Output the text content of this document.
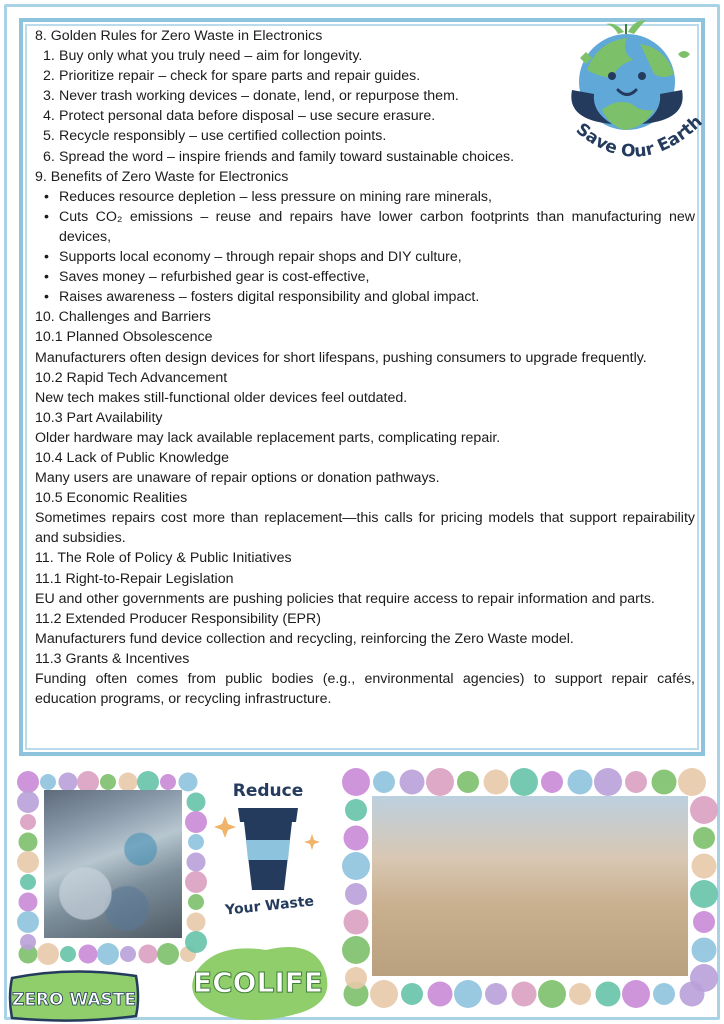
8. Golden Rules for Zero Waste in Electronics
1. Buy only what you truly need – aim for longevity.
2. Prioritize repair – check for spare parts and repair guides.
3. Never trash working devices – donate, lend, or repurpose them.
4. Protect personal data before disposal – use secure erasure.
5. Recycle responsibly – use certified collection points.
6. Spread the word – inspire friends and family toward sustainable choices.
9. Benefits of Zero Waste for Electronics
• Reduces resource depletion – less pressure on mining rare minerals,
• Cuts CO₂ emissions – reuse and repairs have lower carbon footprints than manufacturing new devices,
• Supports local economy – through repair shops and DIY culture,
• Saves money – refurbished gear is cost-effective,
• Raises awareness – fosters digital responsibility and global impact.
10. Challenges and Barriers
10.1 Planned Obsolescence
Manufacturers often design devices for short lifespans, pushing consumers to upgrade frequently.
10.2 Rapid Tech Advancement
New tech makes still-functional older devices feel outdated.
10.3 Part Availability
Older hardware may lack available replacement parts, complicating repair.
10.4 Lack of Public Knowledge
Many users are unaware of repair options or donation pathways.
10.5 Economic Realities
Sometimes repairs cost more than replacement—this calls for pricing models that support repairability and subsidies.
11. The Role of Policy & Public Initiatives
11.1 Right-to-Repair Legislation
EU and other governments are pushing policies that require access to repair information and parts.
11.2 Extended Producer Responsibility (EPR)
Manufacturers fund device collection and recycling, reinforcing the Zero Waste model.
11.3 Grants & Incentives
Funding often comes from public bodies (e.g., environmental agencies) to support repair cafés, education programs, or recycling infrastructure.
Save Our Earth
Reduce
Your Waste
ZERO WASTE
ECOLIFE
